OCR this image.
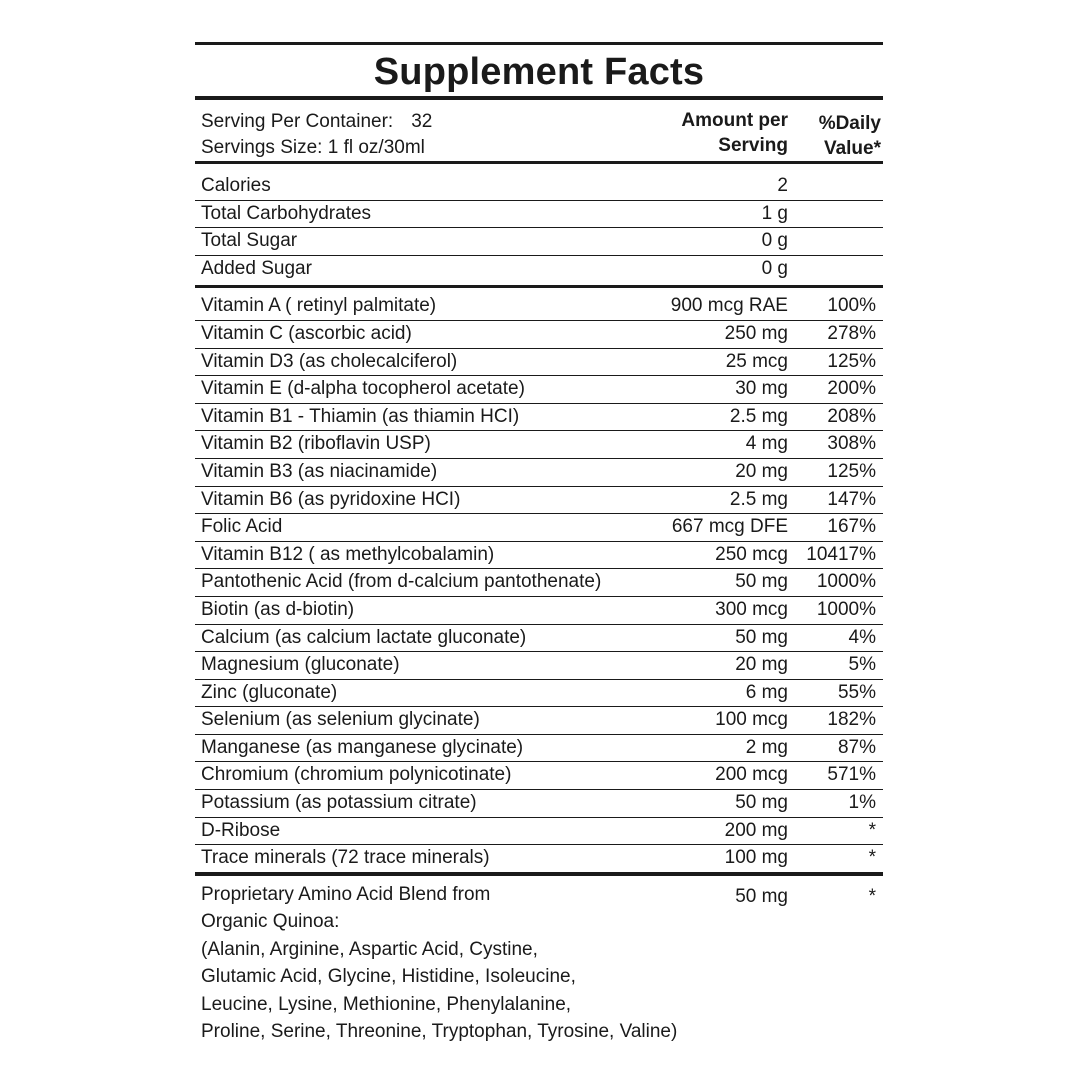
Supplement Facts
Serving Per Container: 32
Servings Size: 1 fl oz/30ml
Amount per
Serving
%Daily
Value*
Calories	2
Total Carbohydrates	1 g
Total Sugar	0 g
Added Sugar	0 g
Vitamin A ( retinyl palmitate)	900 mcg RAE 100%
Vitamin C (ascorbic acid)	250 mg 278%
Vitamin D3 (as cholecalciferol)	25 mcg 125%
Vitamin E (d-alpha tocopherol acetate)	30 mg 200%
Vitamin B1 - Thiamin (as thiamin HCI)	2.5 mg 208%
Vitamin B2 (riboflavin USP)	4 mg 308%
Vitamin B3 (as niacinamide)	20 mg 125%
Vitamin B6 (as pyridoxine HCI)	2.5 mg 147%
Folic Acid	667 mcg DFE 167%
Vitamin B12 ( as methylcobalamin)	250 mcg 10417%
Pantothenic Acid (from d-calcium pantothenate)	50 mg 1000%
Biotin (as d-biotin)	300 mcg 1000%
Calcium (as calcium lactate gluconate)	50 mg	4%
Magnesium (gluconate)	20 mg	5%
Zinc (gluconate)	6 mg	55%
Selenium (as selenium glycinate)	100 mcg 182%
Manganese (as manganese glycinate)	2 mg	87%
Chromium (chromium polynicotinate)	200 mcg 571%
Potassium (as potassium citrate)	50 mg	1%
D-Ribose	200 mg	*
Trace minerals (72 trace minerals)	100 mg	*
Proprietary Amino Acid Blend from
Organic Quinoa:
(Alanin, Arginine, Aspartic Acid, Cystine,
Glutamic Acid, Glycine, Histidine, Isoleucine,
Leucine, Lysine, Methionine, Phenylalanine,
Proline, Serine, Threonine, Tryptophan, Tyrosine, Valine)
50 mg	*
